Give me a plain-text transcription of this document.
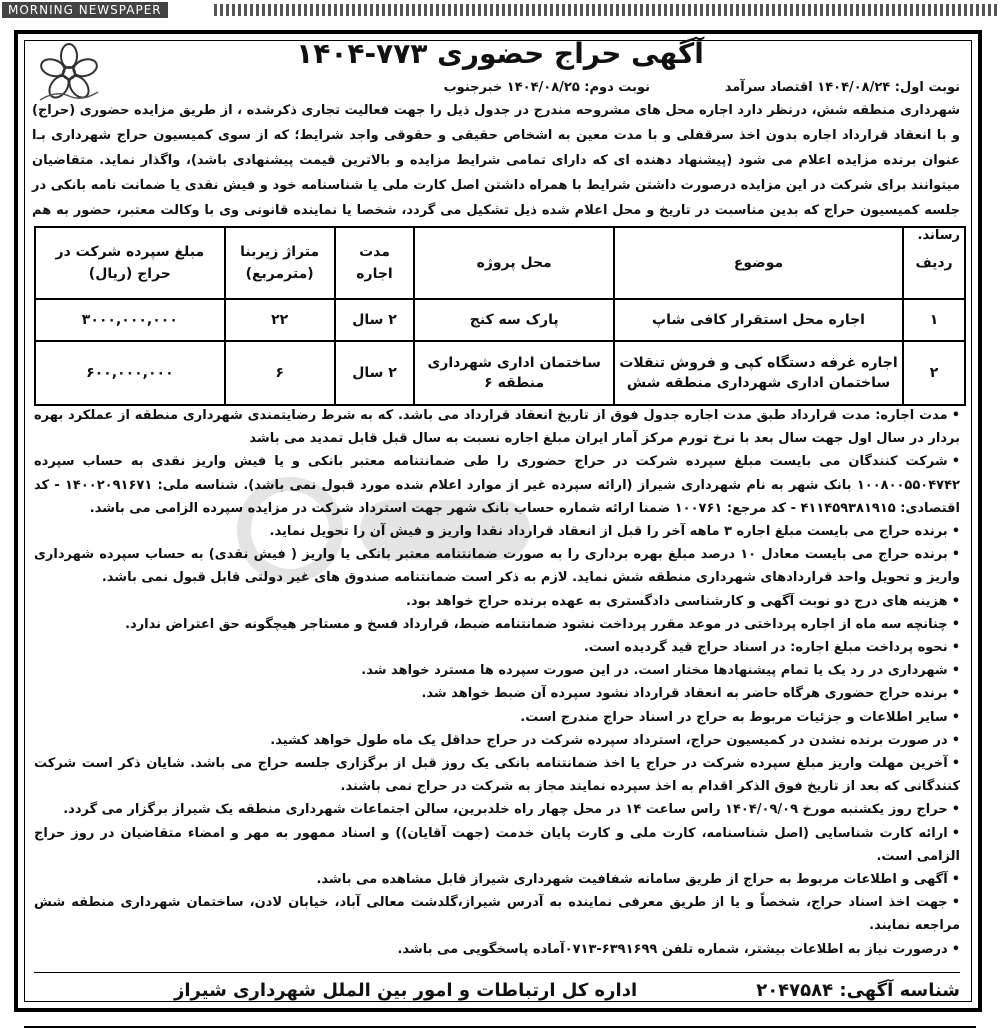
MORNING NEWSPAPER
آگهی حراج حضوری ۷۷۳-۱۴۰۴
نوبت اول: ۱۴۰۴/۰۸/۲۴ اقتصاد سرآمد
نوبت دوم: ۱۴۰۴/۰۸/۲۵ خبرجنوب
شهرداری منطقه شش، درنظر دارد اجاره محل های مشروحه مندرج در جدول ذیل را جهت فعالیت تجاری ذکرشده ، از طریق مزایده حضوری (حراج) و با انعقاد قرارداد اجاره بدون اخذ سرقفلی و با مدت معین به اشخاص حقیقی و حقوقی واجد شرایط؛ که از سوی کمیسیون حراج شهرداری بـ‌ا عنوان برنده مزایده اعلام می شود (پیشنهاد دهنده ای که دارای تمامی شرایط مزایده و بالاترین قیمت پیشنهادی باشد)، واگذار نماید. متقاضیان میتوانند برای شرکت در این مزایده درصورت داشتن شرایط با همراه داشتن اصل کارت ملی یا شناسنامه خود و فیش نقدی یا ضمانت نامه بانکی در جلسه کمیسیون حراج که بدین مناسبت در تاریخ و محل اعلام شده ذیل تشکیل می گردد، شخصا یا نماینده قانونی وی با وکالت معتبر، حضور به هم رساند.
ردیف	موضوع	محل پروژه	مدت اجاره	متراژ زیربنا (مترمربع)	مبلغ سپرده شرکت در حراج (ریال)
۱	اجاره محل استقرار کافی شاپ	پارک سه کنج	۲ سال	۲۲	۳۰۰۰,۰۰۰,۰۰۰
۲	اجاره غرفه دستگاه کپی و فروش تنقلات ساختمان اداری شهرداری منطقه شش	ساختمان اداری شهرداری منطقه ۶	۲ سال	۶	۶۰۰,۰۰۰,۰۰۰
• مدت اجاره: مدت قرارداد طبق مدت اجاره جدول فوق از تاریخ انعقاد قرارداد می باشد. که به شرط رضایتمندی شهرداری منطقه از عملکرد بهره بردار در سال اول جهت سال بعد با نرخ تورم مرکز آمار ایران مبلغ اجاره نسبت به سال قبل قابل تمدید می باشد
• شرکت کنندگان می بایست مبلغ سپرده شرکت در حراج حضوری را طی ضمانتنامه معتبر بانکی و یا فیش واریز نقدی به حساب سپرده ۱۰۰۸۰۰۵۵۰۴۷۴۲ بانک شهر به نام شهرداری شیراز (ارائه سپرده غیر از موارد اعلام شده مورد قبول نمی باشد). شناسه ملی: ۱۴۰۰۲۰۹۱۶۷۱ - کد اقتصادی: ۴۱۱۴۵۹۳۸۱۹۱۵ - کد مرجع: ۱۰۰۷۶۱ ضمنا ارائه شماره حساب بانک شهر جهت استرداد شرکت در مزایده سپرده الزامی می باشد.
• برنده حراج می بایست مبلغ اجاره ۳ ماهه آخر را قبل از انعقاد قرارداد نقدا واریز و فیش آن را تحویل نماید.
• برنده حراج می بایست معادل ۱۰ درصد مبلغ بهره برداری را به صورت ضمانتنامه معتبر بانکی یا واریز ( فیش نقدی) به حساب سپرده شهرداری واریز و تحویل واحد قراردادهای شهرداری منطقه شش نماید. لازم به ذکر است ضمانتنامه صندوق های غیر دولتی قابل قبول نمی باشد.
• هزینه های درج دو نوبت آگهی و کارشناسی دادگستری به عهده برنده حراج خواهد بود.
• چنانچه سه ماه از اجاره پرداختی در موعد مقرر پرداخت نشود ضمانتنامه ضبط، قرارداد فسخ و مستاجر هیچگونه حق اعتراض ندارد.
• نحوه پرداخت مبلغ اجاره: در اسناد حراج قید گردیده است.
• شهرداری در رد یک یا تمام پیشنهادها مختار است. در این صورت سپرده ها مسترد خواهد شد.
• برنده حراج حضوری هرگاه حاضر به انعقاد قرارداد نشود سپرده آن ضبط خواهد شد.
• سایر اطلاعات و جزئیات مربوط به حراج در اسناد حراج مندرج است.
• در صورت برنده نشدن در کمیسیون حراج، استرداد سپرده شرکت در حراج حداقل یک ماه طول خواهد کشید.
• آخرین مهلت واریز مبلغ سپرده شرکت در حراج یا اخذ ضمانتنامه بانکی یک روز قبل از برگزاری جلسه حراج می باشد. شایان ذکر است شرکت کنندگانی که بعد از تاریخ فوق الذکر اقدام به اخذ سپرده نمایند مجاز به شرکت در حراج نمی باشند.
• حراج روز یکشنبه مورخ ۱۴۰۴/۰۹/۰۹ راس ساعت ۱۴ در محل چهار راه خلدبرین، سالن اجتماعات شهرداری منطقه یک شیراز برگزار می گردد.
• ارائه کارت شناسایی (اصل شناسنامه، کارت ملی و کارت پایان خدمت (جهت آقایان)) و اسناد ممهور به مهر و امضاء متقاضیان در روز حراج الزامی است.
• آگهی و اطلاعات مربوط به حراج از طریق سامانه شفافیت شهرداری شیراز قابل مشاهده می باشد.
• جهت اخذ اسناد حراج، شخصاً و یا از طریق معرفی نماینده به آدرس شیراز،گلدشت معالی آباد، خیابان لادن، ساختمان شهرداری منطقه شش مراجعه نمایند.
• درصورت نیاز به اطلاعات بیشتر، شماره تلفن ۶۳۹۱۶۹۹-۰۷۱۳آماده پاسخگویی می باشد.
شناسه آگهی: ۲۰۴۷۵۸۴
اداره کل ارتباطات و امور بین الملل شهرداری شیراز
